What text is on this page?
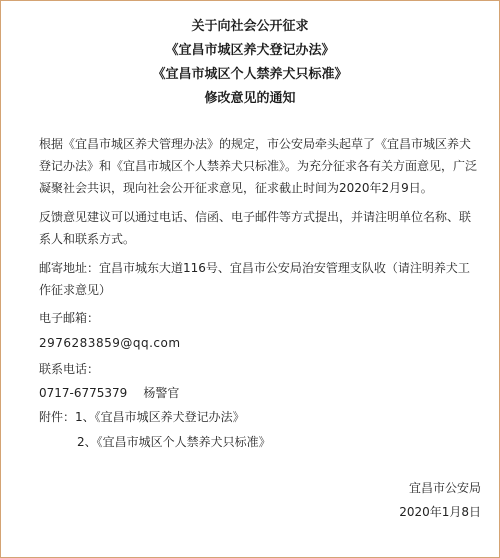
关于向社会公开征求
《宜昌市城区养犬登记办法》
《宜昌市城区个人禁养犬只标准》
修改意见的通知
根据《宜昌市城区养犬管理办法》的规定，市公安局牵头起草了《宜昌市城区养犬登记办法》和《宜昌市城区个人禁养犬只标准》。为充分征求各有关方面意见，广泛凝聚社会共识，现向社会公开征求意见，征求截止时间为2020年2月9日。
反馈意见建议可以通过电话、信函、电子邮件等方式提出，并请注明单位名称、联系人和联系方式。
邮寄地址：宜昌市城东大道116号、宜昌市公安局治安管理支队收（请注明养犬工作征求意见）
电子邮箱：
2976283859@qq.com
联系电话：
0717-6775379 杨警官
附件：1、《宜昌市城区养犬登记办法》
2、《宜昌市城区个人禁养犬只标准》
宜昌市公安局
2020年1月8日
